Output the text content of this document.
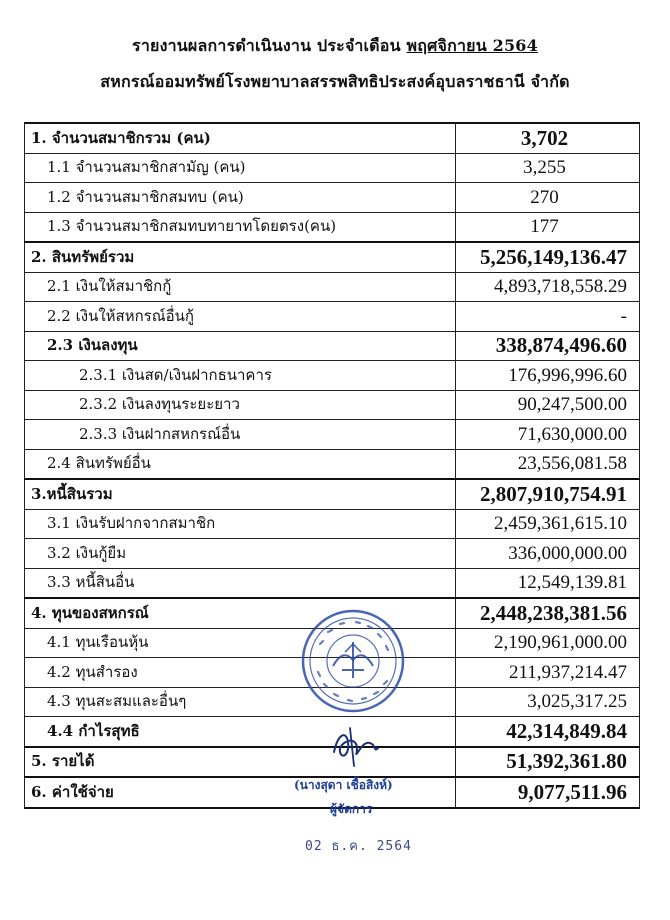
รายงานผลการดำเนินงาน ประจำเดือน พฤศจิกายน 2564
สหกรณ์ออมทรัพย์โรงพยาบาลสรรพสิทธิประสงค์อุบลราชธานี จำกัด
1. จำนวนสมาชิกรวม (คน)	3,702
1.1 จำนวนสมาชิกสามัญ (คน)	3,255
1.2 จำนวนสมาชิกสมทบ (คน)	270
1.3 จำนวนสมาชิกสมทบทายาทโดยตรง(คน)	177
2. สินทรัพย์รวม	5,256,149,136.47
2.1 เงินให้สมาชิกกู้	4,893,718,558.29
2.2 เงินให้สหกรณ์อื่นกู้	-
2.3 เงินลงทุน	338,874,496.60
2.3.1 เงินสด/เงินฝากธนาคาร	176,996,996.60
2.3.2 เงินลงทุนระยะยาว	90,247,500.00
2.3.3 เงินฝากสหกรณ์อื่น	71,630,000.00
2.4 สินทรัพย์อื่น	23,556,081.58
3.หนี้สินรวม	2,807,910,754.91
3.1 เงินรับฝากจากสมาชิก	2,459,361,615.10
3.2 เงินกู้ยืม	336,000,000.00
3.3 หนี้สินอื่น	12,549,139.81
4. ทุนของสหกรณ์	2,448,238,381.56
4.1 ทุนเรือนหุ้น	2,190,961,000.00
4.2 ทุนสำรอง	211,937,214.47
4.3 ทุนสะสมและอื่นๆ	3,025,317.25
4.4 กำไรสุทธิ	42,314,849.84
5. รายได้	51,392,361.80
6. ค่าใช้จ่าย	9,077,511.96
(นางสุดา เชื้อสิงห์)
ผู้จัดการ
02 ธ.ค. 2564
